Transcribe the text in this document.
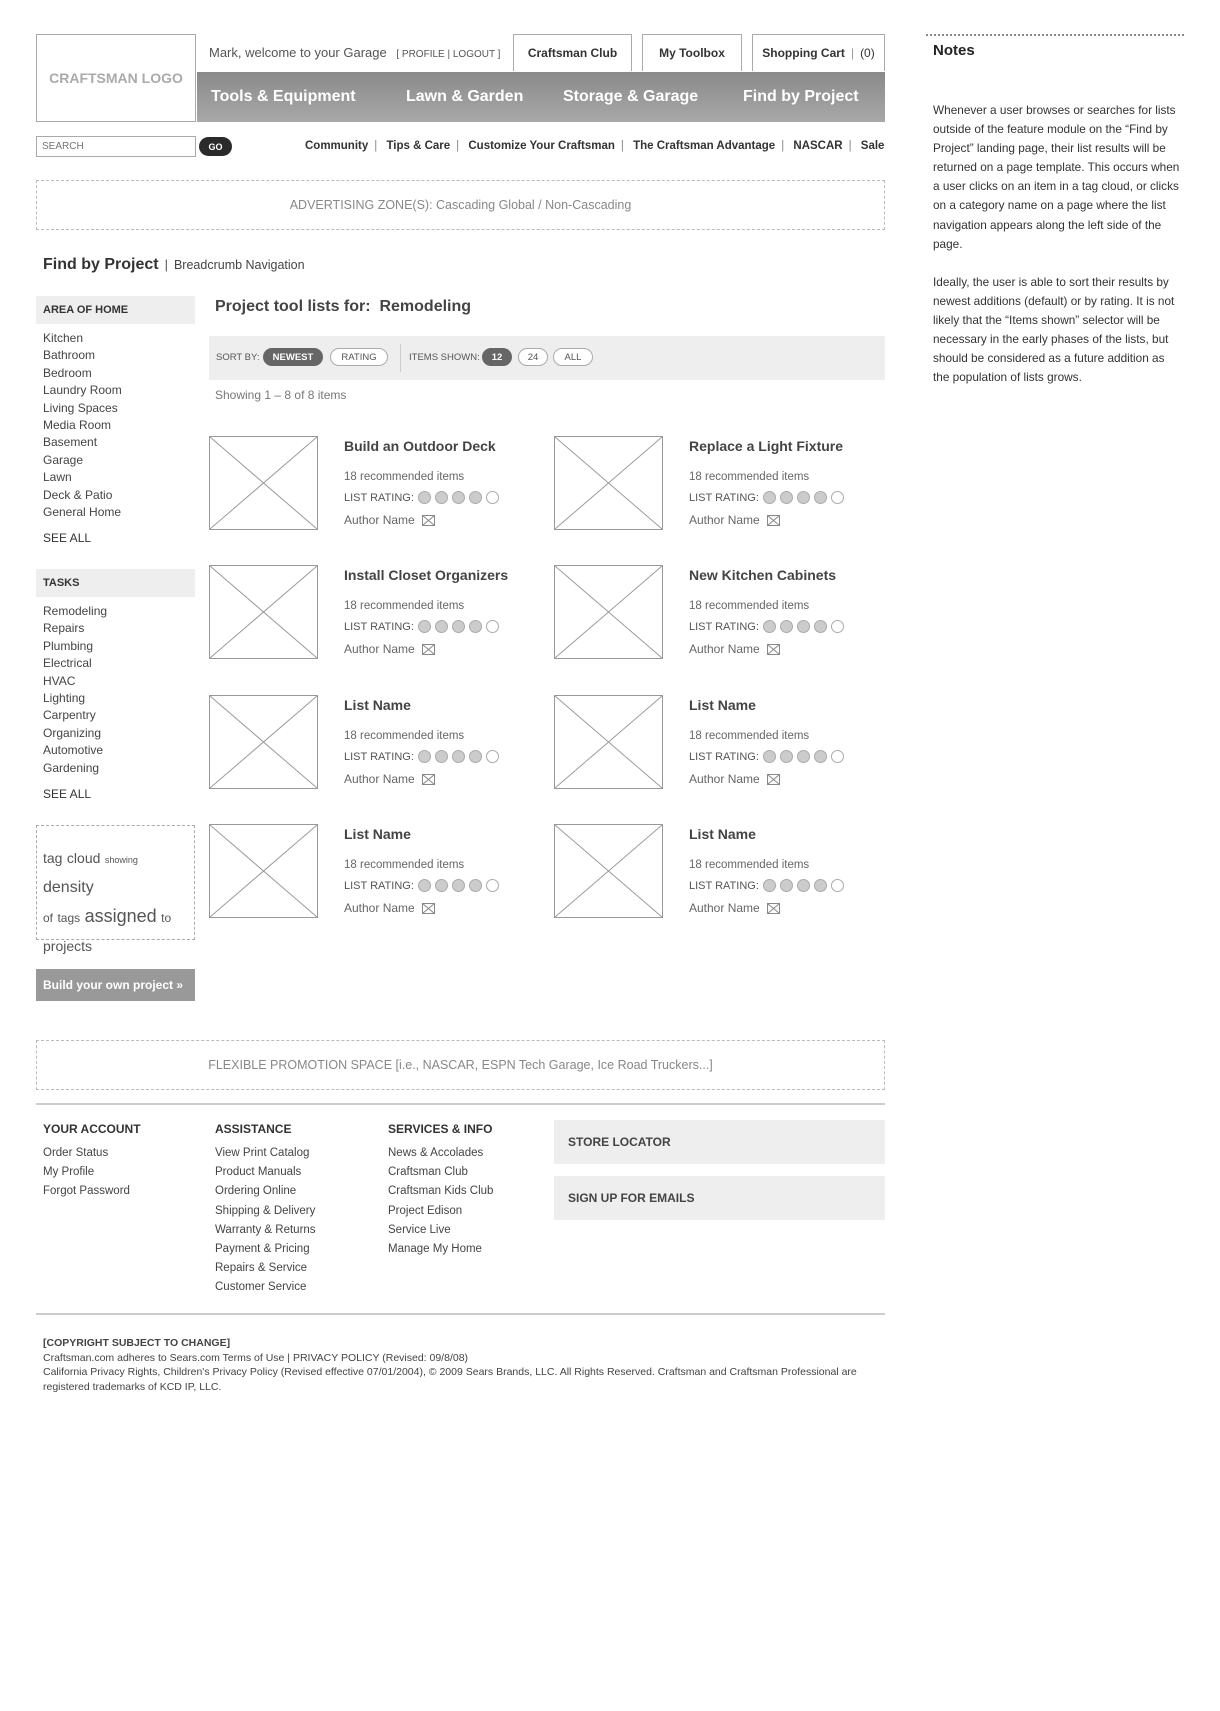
CRAFTSMAN LOGO
Mark, welcome to your Garage [ PROFILE | LOGOUT ] Craftsman Club	My Toolbox	Shopping Cart | (0)
Tools & Equipment	Lawn & Garden Storage & Garage	Find by Project
SEARCH
GO	Community | Tips & Care | Customize Your Craftsman | The Craftsman Advantage | NASCAR | Sale
ADVERTISING ZONE(S): Cascading Global / Non-Cascading
Find by Project | Breadcrumb Navigation
AREA OF HOME
Kitchen
Bathroom
Bedroom
Laundry Room
Living Spaces
Media Room
Basement
Garage
Lawn
Deck & Patio
General Home
SEE ALL
TASKS
Remodeling
Repairs
Plumbing
Electrical
HVAC
Lighting
Carpentry
Organizing
Automotive
Gardening
SEE ALL
tag cloud showing density
of tags assigned to
projects
Build your own project »
Project tool lists for: Remodeling
SORT BY:	NEWEST	RATING	ITEMS SHOWN:	12	24	ALL
Showing 1 – 8 of 8 items
Build an Outdoor Deck
18 recommended items
LIST RATING:
Author Name
Replace a Light Fixture
18 recommended items
LIST RATING:
Author Name
Install Closet Organizers
18 recommended items
LIST RATING:
Author Name
New Kitchen Cabinets
18 recommended items
LIST RATING:
Author Name
List Name
18 recommended items
LIST RATING:
Author Name
List Name
18 recommended items
LIST RATING:
Author Name
List Name
18 recommended items
LIST RATING:
Author Name
List Name
18 recommended items
LIST RATING:
Author Name
FLEXIBLE PROMOTION SPACE [i.e., NASCAR, ESPN Tech Garage, Ice Road Truckers...]
YOUR ACCOUNT
Order Status
My Profile
Forgot Password
ASSISTANCE
View Print Catalog
Product Manuals
Ordering Online
Shipping & Delivery
Warranty & Returns
Payment & Pricing
Repairs & Service
Customer Service
SERVICES & INFO
News & Accolades
Craftsman Club
Craftsman Kids Club
Project Edison
Service Live
Manage My Home
STORE LOCATOR
SIGN UP FOR EMAILS
[COPYRIGHT SUBJECT TO CHANGE]
Craftsman.com adheres to Sears.com Terms of Use | PRIVACY POLICY (Revised: 09/8/08)
California Privacy Rights, Children's Privacy Policy (Revised effective 07/01/2004), © 2009 Sears Brands, LLC. All Rights Reserved. Craftsman and Craftsman Professional are registered trademarks of KCD IP, LLC.
Notes

Whenever a user browses or searches for lists outside of the feature module on the “Find by Project” landing page, their list results will be returned on a page template. This occurs when a user clicks on an item in a tag cloud, or clicks on a category name on a page where the list navigation appears along the left side of the page.

Ideally, the user is able to sort their results by newest additions (default) or by rating. It is not likely that the “Items shown” selector will be necessary in the early phases of the lists, but should be considered as a future addition as the population of lists grows.
